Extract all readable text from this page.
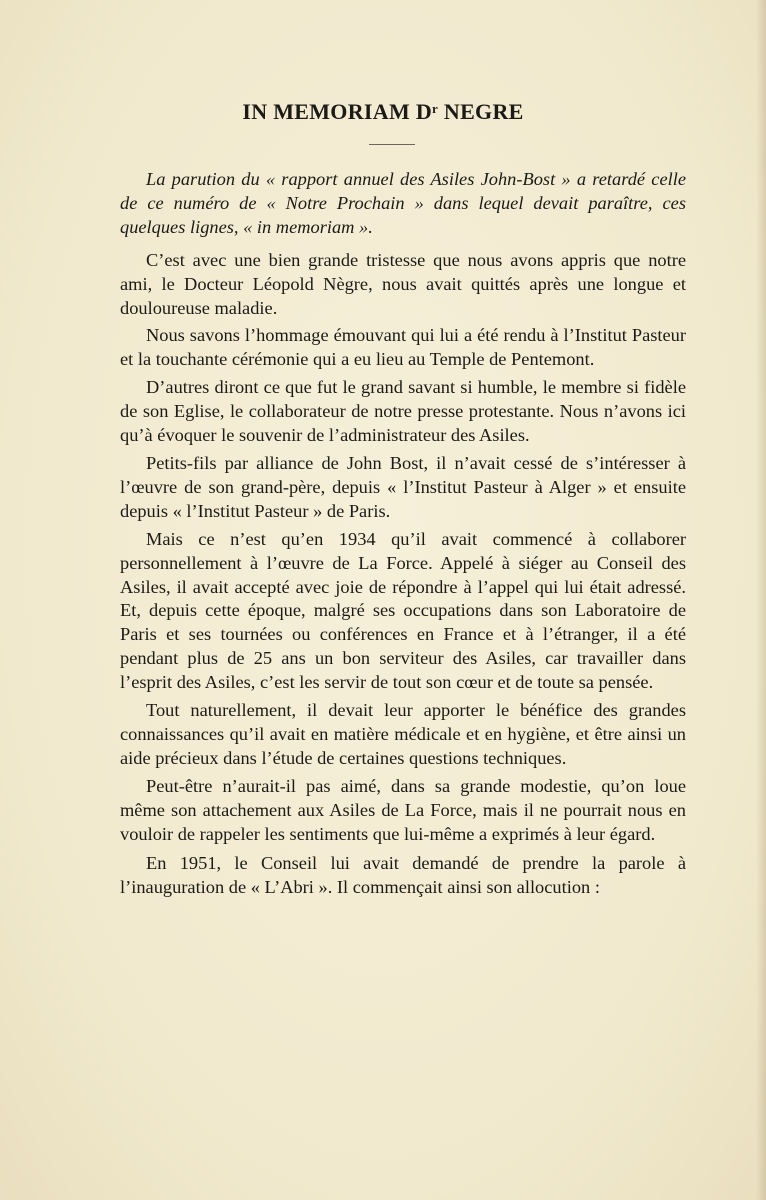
IN MEMORIAM $D^r$ NEGRE

La parution du « rapport annuel des Asiles John-Bost » a retardé celle de ce numéro de « Notre Prochain » dans lequel devait paraître, ces quelques lignes, « in memoriam ».

C’est avec une bien grande tristesse que nous avons appris que notre ami, le Docteur Léopold Nègre, nous avait quittés après une longue et douloureuse maladie.

Nous savons l’hommage émouvant qui lui a été rendu à l’Institut Pasteur et la touchante cérémonie qui a eu lieu au Temple de Pentemont.

D’autres diront ce que fut le grand savant si humble, le membre si fidèle de son Eglise, le collaborateur de notre presse protestante. Nous n’avons ici qu’à évoquer le souvenir de l’administrateur des Asiles.

Petits-fils par alliance de John Bost, il n’avait cessé de s’intéresser à l’œuvre de son grand-père, depuis « l’Institut Pasteur à Alger » et ensuite depuis « l’Institut Pasteur » de Paris.

Mais ce n’est qu’en 1934 qu’il avait commencé à collaborer personnellement à l’œuvre de La Force. Appelé à siéger au Conseil des Asiles, il avait accepté avec joie de répondre à l’appel qui lui était adressé. Et, depuis cette époque, malgré ses occupations dans son Laboratoire de Paris et ses tournées ou conférences en France et à l’étranger, il a été pendant plus de 25 ans un bon serviteur des Asiles, car travailler dans l’esprit des Asiles, c’est les servir de tout son cœur et de toute sa pensée.

Tout naturellement, il devait leur apporter le bénéfice des grandes connaissances qu’il avait en matière médicale et en hygiène, et être ainsi un aide précieux dans l’étude de certaines questions techniques.

Peut-être n’aurait-il pas aimé, dans sa grande modestie, qu’on loue même son attachement aux Asiles de La Force, mais il ne pourrait nous en vouloir de rappeler les sentiments que lui-même a exprimés à leur égard.

En 1951, le Conseil lui avait demandé de prendre la parole à l’inauguration de « L’Abri ». Il commençait ainsi son allocution :
